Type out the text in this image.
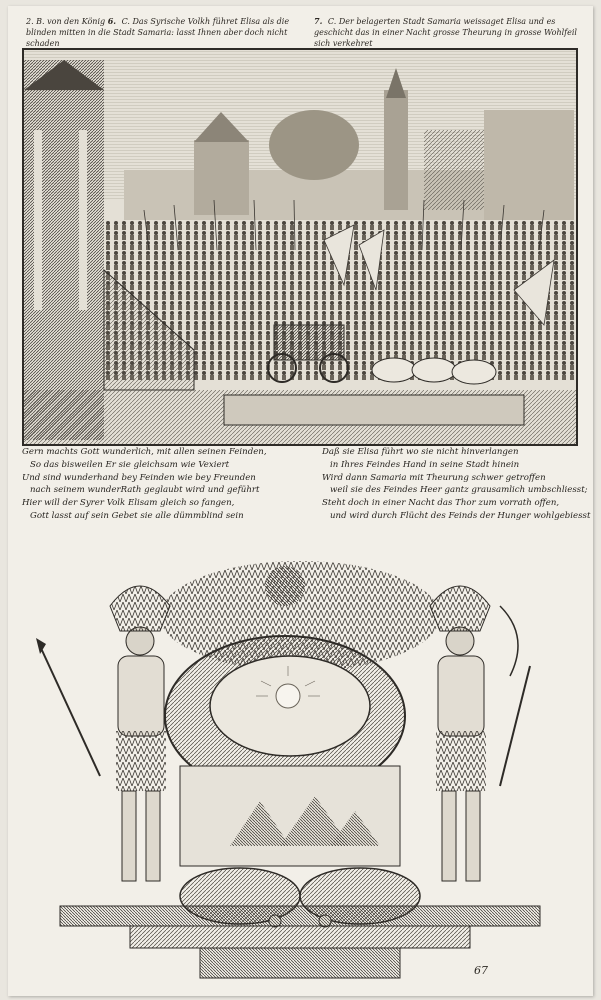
2. B. von den König 6. C. Das Syrische Volkh führet Elisa als die blinden mitten in die Stadt Samaria: lasst Ihnen aber doch nicht schaden
7. C. Der belagerten Stadt Samaria weissaget Elisa und es geschicht das in einer Nacht grosse Theurung in grosse Wohlfeil sich verkehret
Gern machts Gott wunderlich, mit allen seinen Feinden,
So das bisweilen Er sie gleichsam wie Vexiert
Und sind wunderhand bey Feinden wie bey Freunden
nach seinem wunderRath geglaubt wird und geführt
Hier will der Syrer Volk Elisam gleich so fangen,
Gott lasst auf sein Gebet sie alle dümmblind sein
Daß sie Elisa führt wo sie nicht hinverlangen
in Ihres Feindes Hand in seine Stadt hinein
Wird dann Samaria mit Theurung schwer getroffen
weil sie des Feindes Heer gantz grausamlich umbschliesst;
Steht doch in einer Nacht das Thor zum vorrath offen,
und wird durch Flücht des Feinds der Hunger wohlgebiesst
67
